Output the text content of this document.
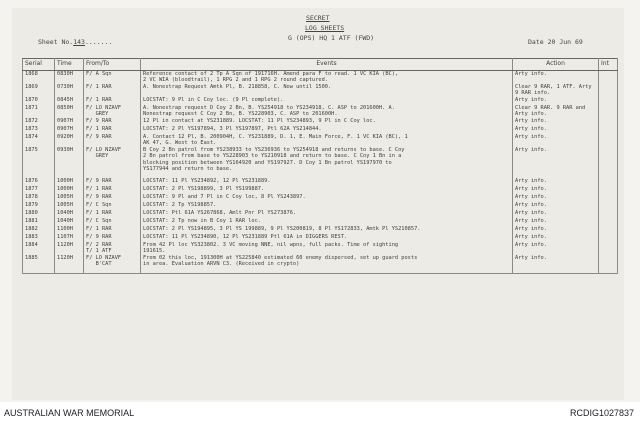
SECRET
LOG SHEETS
G (OPS) HQ 1 ATF (FWD)
Sheet No.143.......	Date 20 Jun 69
Serial	Time	From/To	Events	Action	Int
1868	0830H	F/ A Sqn	Reference contact of 2 Tp A Sqn of 191716H. Amend para F to read. 1 VC KIA (BC),
2 VC WIA (bloodtrail), 1 RPG 2 and 1 RPG 2 round captured.	Arty info.	
1869	0730H	F/ 1 RAR	A. Nonestrap Request Amtk Pl, B. 218858, C. Now until 1500.	Clear 9 RAR, 1 ATF. Arty
9 RAR info.	
1870	0845H	F/ 1 RAR	LOCSTAT: 9 Pl in C Coy loc. (9 Pl complete).	Arty info.	
1871	0850H	F/ LO NZAVF
GREY	A. Nonestrap request D Coy 2 Bn, B. YS254918 to YS234918, C. ASP to 201600H. A.
Nonestrap request C Coy 2 Bn, B. YS228903, C. ASP to 201600H.	Clear 9 RAR. 9 RAR and
Arty info.	
1872	0907H	F/ 9 RAR	12 Pl in contact at YS231889. LOCSTAT: 11 Pl YS234893, 9 Pl in C Coy loc.	Arty info.	
1873	0907H	F/ 1 RAR	LOCSTAT: 2 Pl YS197894, 3 Pl YS197897, Ptl 62A YS214844.	Arty info.	
1874	0920H	F/ 9 RAR	A. Contact 12 Pl, B. 200904H, C. YS231889, D. 1, E. Main Force, F. 1 VC KIA (BC), 1
AK 47, G. West to East.	Arty info.	
1875	0930H	F/ LO NZAVF
GREY	B Coy 2 Bn patrol from YS238933 to YS236936 to YS254918 and returns to base. C Coy
2 Bn patrol from base to YS228903 to YS210918 and return to base. C Coy 1 Bn in a
blocking position between YS164920 and YS197927. D Coy 1 Bn patrol YS197970 to
YS177944 and return to base.	Arty info.	
1876	1000H	F/ 9 RAR	LOCSTAT: 11 Pl YS234892, 12 Pl YS231889.	Arty info.	
1877	1000H	F/ 1 RAR	LOCSTAT: 2 Pl YS198899, 3 Pl YS199887.	Arty info.	
1878	1005H	F/ 9 RAR	LOCSTAT: 9 Pl and 7 Pl in C Coy loc, 8 Pl YS243897.	Arty info.	
1879	1005H	F/ C Sqn	LOCSTAT: 2 Tp YS198857.	Arty info.	
1880	1040H	F/ 1 RAR	LOCSTAT: Ptl 61A YS267868, Amlt Pnr Pl YS273876.	Arty info.	
1881	1040H	F/ C Sqn	LOCSTAT: 2 Tp now in B Coy 1 RAR loc.	Arty info.	
1882	1100H	F/ 1 RAR	LOCSTAT: 2 Pl YS194895, 3 Pl YS 199889, 9 Pl YS200819, 8 Pl YS172833, Amtk Pl YS210857.	Arty info.	
1883	1107H	F/ 9 RAR	LOCSTAT: 11 Pl YS234890, 12 Pl YS231889 Ptl 61A in DIGGERS REST.	Arty info.	
1884	1120H	F/ 2 RAR
T/ 1 ATF	From 42 Pl loc YS323802. 3 VC moving NNE, nil wpns, full packs. Time of sighting
191615.	Arty info.	
1885	1120H	F/ LO NZAVF
B'CAT	From 02 this loc, 191300H at YS225840 estimated 60 enemy dispersed, set up guard posts
in area. Evaluation ARVN C3. (Received in crypto)	Arty info.	
AUSTRALIAN WAR MEMORIAL	RCDIG1027837
